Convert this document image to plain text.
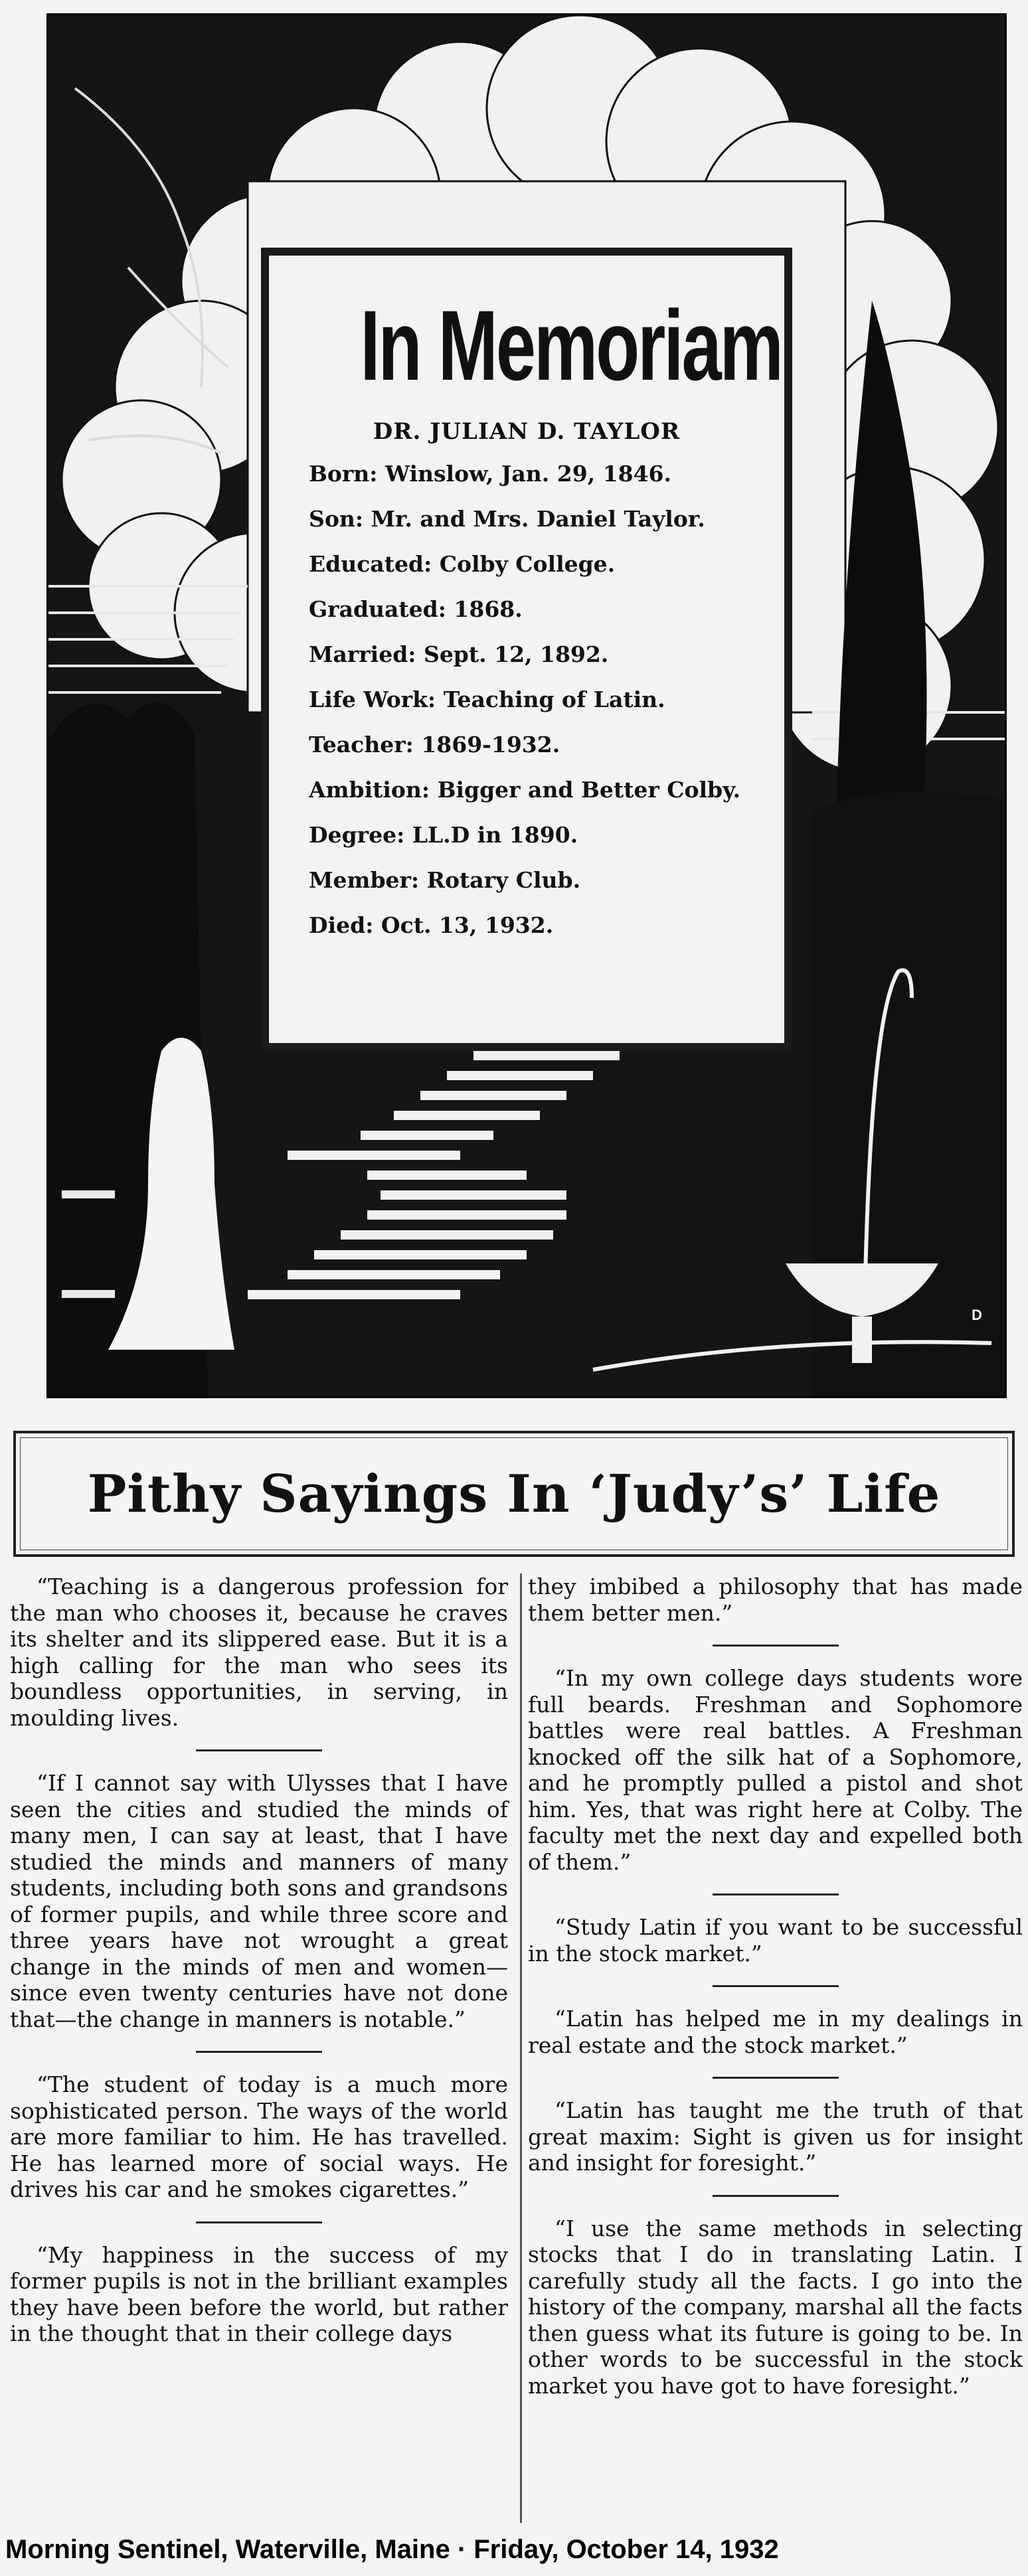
In Memoriam
DR. JULIAN D. TAYLOR
Born: Winslow, Jan. 29, 1846.
Son: Mr. and Mrs. Daniel Taylor.
Educated: Colby College.
Graduated: 1868.
Married: Sept. 12, 1892.
Life Work: Teaching of Latin.
Teacher: 1869-1932.
Ambition: Bigger and Better Colby.
Degree: LL.D in 1890.
Member: Rotary Club.
Died: Oct. 13, 1932.
D
Pithy Sayings In ‘Judy’s’ Life

“Teaching is a dangerous profession for the man who chooses it, because he craves its shelter and its slippered ease. But it is a high calling for the man who sees its boundless opportunities, in serving, in moulding lives.

“If I cannot say with Ulysses that I have seen the cities and studied the minds of many men, I can say at least, that I have studied the minds and manners of many students, including both sons and grandsons of former pupils, and while three score and three years have not wrought a great change in the minds of men and women—since even twenty centuries have not done that—the change in manners is notable.”

“The student of today is a much more sophisticated person. The ways of the world are more familiar to him. He has travelled. He has learned more of social ways. He drives his car and he smokes cigarettes.”

“My happiness in the success of my former pupils is not in the brilliant examples they have been before the world, but rather in the thought that in their college days

they imbibed a philosophy that has made them better men.”

“In my own college days students wore full beards. Freshman and Sophomore battles were real battles. A Freshman knocked off the silk hat of a Sophomore, and he promptly pulled a pistol and shot him. Yes, that was right here at Colby. The faculty met the next day and expelled both of them.”

“Study Latin if you want to be successful in the stock market.”

“Latin has helped me in my dealings in real estate and the stock market.”

“Latin has taught me the truth of that great maxim: Sight is given us for insight and insight for foresight.”

“I use the same methods in selecting stocks that I do in translating Latin. I carefully study all the facts. I go into the history of the company, marshal all the facts then guess what its future is going to be. In other words to be successful in the stock market you have got to have foresight.”

Morning Sentinel, Waterville, Maine · Friday, October 14, 1932
